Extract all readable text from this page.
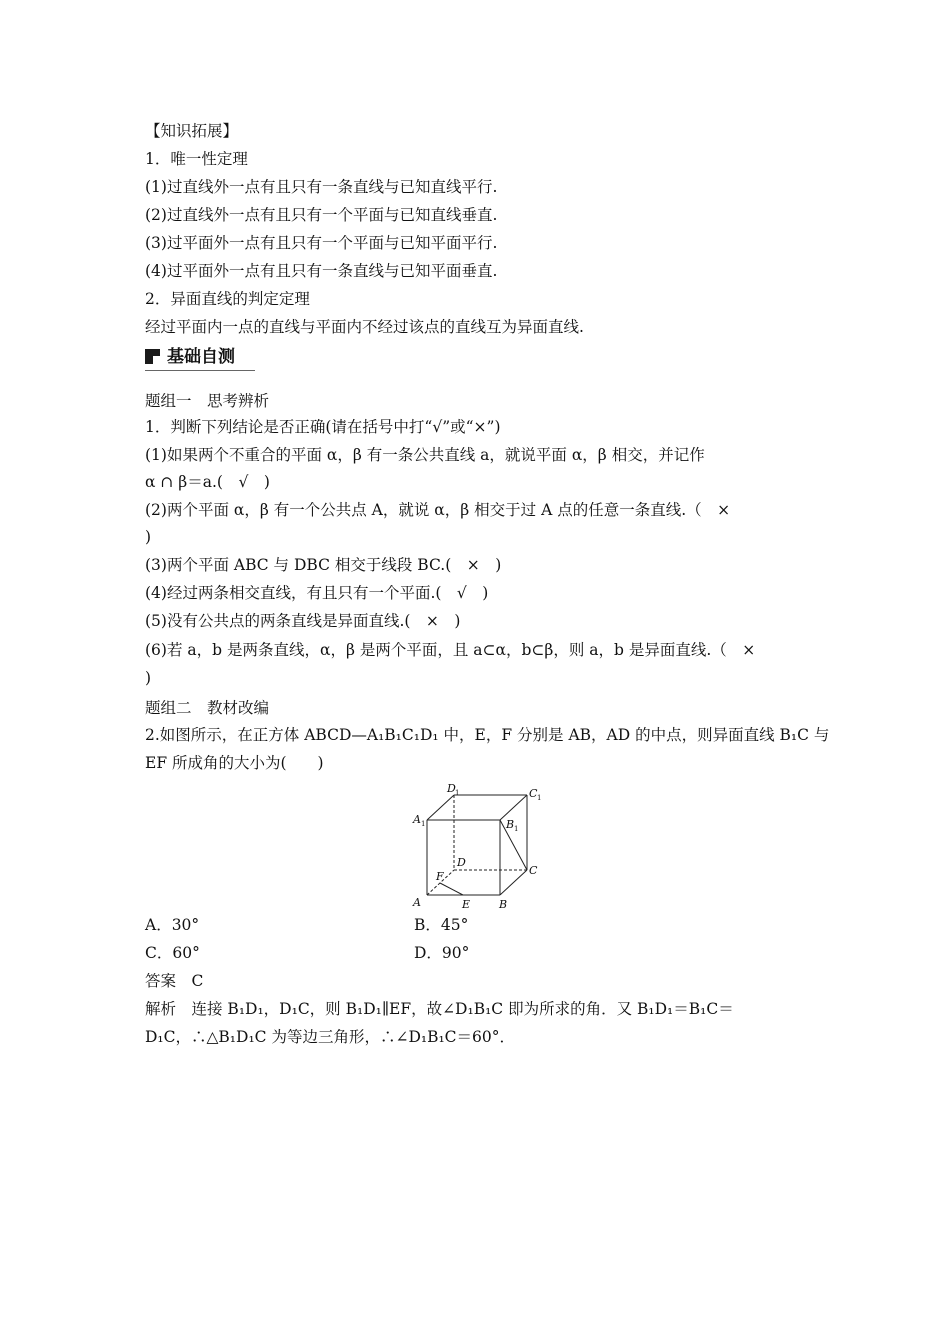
【知识拓展】
1．唯一性定理
(1)过直线外一点有且只有一条直线与已知直线平行.
(2)过直线外一点有且只有一个平面与已知直线垂直.
(3)过平面外一点有且只有一个平面与已知平面平行.
(4)过平面外一点有且只有一条直线与已知平面垂直.
2．异面直线的判定定理
经过平面内一点的直线与平面内不经过该点的直线互为异面直线.
基础自测
题组一　思考辨析
1．判断下列结论是否正确(请在括号中打“√”或“×”)
(1)如果两个不重合的平面 α，β 有一条公共直线 a，就说平面 α，β 相交，并记作
α ∩ β＝a.(　√　)
(2)两个平面 α，β 有一个公共点 A，就说 α，β 相交于过 A 点的任意一条直线.（　×
)
(3)两个平面 ABC 与 DBC 相交于线段 BC.(　×　)
(4)经过两条相交直线，有且只有一个平面.(　√　)
(5)没有公共点的两条直线是异面直线.(　×　)
(6)若 a，b 是两条直线，α，β 是两个平面，且 a⊂α，b⊂β，则 a，b 是异面直线.（　×
)
题组二　教材改编
2.如图所示，在正方体 ABCD—A₁B₁C₁D₁ 中，E，F 分别是 AB，AD 的中点，则异面直线 B₁C 与
EF 所成角的大小为(　　)
A	B
C
D
E
F
A 1	B 1
C 1
D 1
A．30°	B．45°
C．60°	D．90°
答案　C
解析　连接 B₁D₁，D₁C，则 B₁D₁∥EF，故∠D₁B₁C 即为所求的角．又 B₁D₁＝B₁C＝
D₁C，∴△B₁D₁C 为等边三角形，∴∠D₁B₁C＝60°．
